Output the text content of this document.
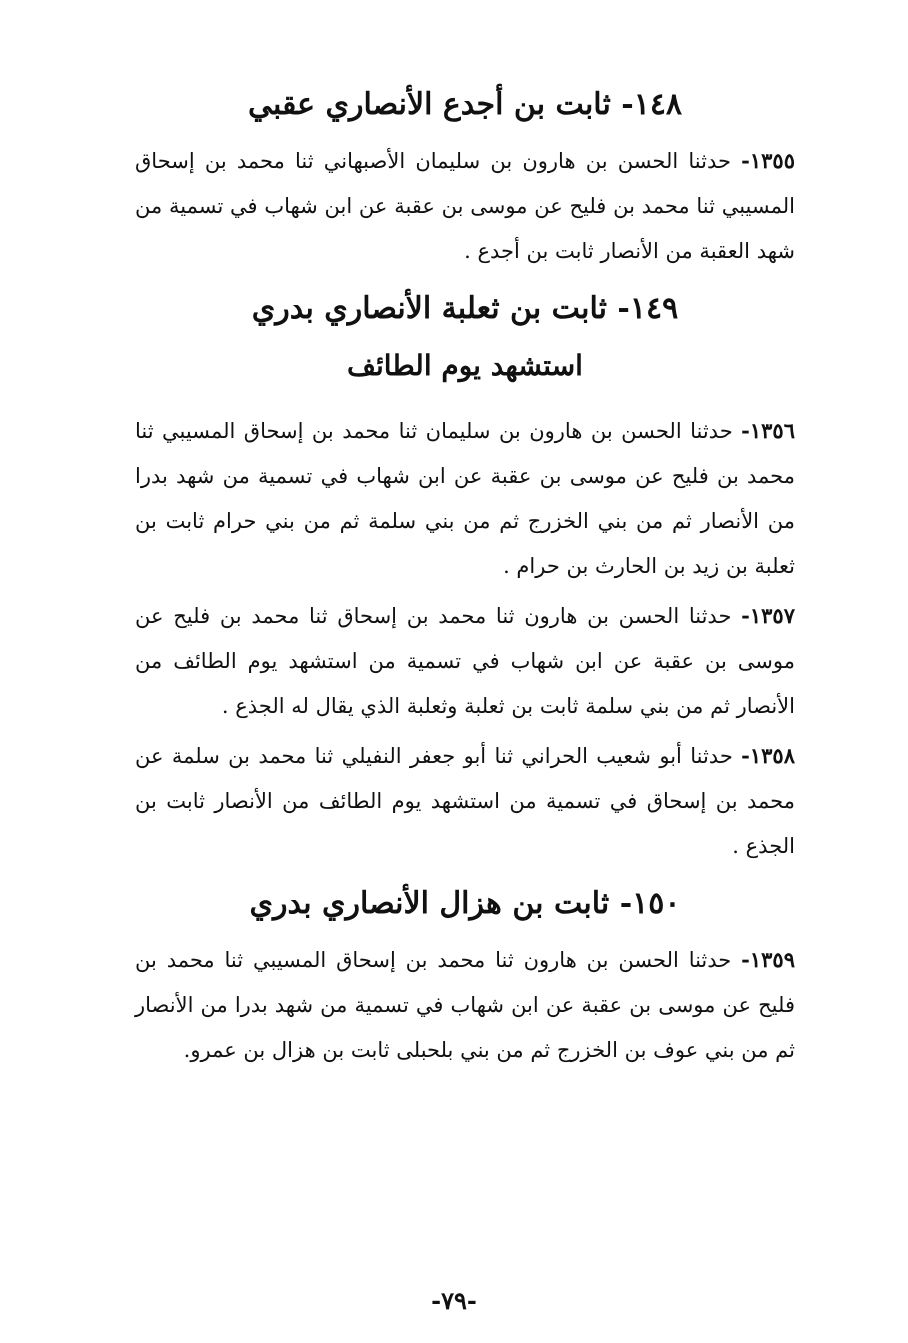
١٤٨- ثابت بن أجدع الأنصاري عقبي

١٣٥٥- حدثنا الحسن بن هارون بن سليمان الأصبهاني ثنا محمد بن إسحاق المسيبي ثنا محمد بن فليح عن موسى بن عقبة عن ابن شهاب في تسمية من شهد العقبة من الأنصار ثابت بن أجدع .

١٤٩- ثابت بن ثعلبة الأنصاري بدري
استشهد يوم الطائف

١٣٥٦- حدثنا الحسن بن هارون بن سليمان ثنا محمد بن إسحاق المسيبي ثنا محمد بن فليح عن موسى بن عقبة عن ابن شهاب في تسمية من شهد بدرا من الأنصار ثم من بني الخزرج ثم من بني سلمة ثم من بني حرام ثابت بن ثعلبة بن زيد بن الحارث بن حرام .

١٣٥٧- حدثنا الحسن بن هارون ثنا محمد بن إسحاق ثنا محمد بن فليح عن موسى بن عقبة عن ابن شهاب في تسمية من استشهد يوم الطائف من الأنصار ثم من بني سلمة ثابت بن ثعلبة وثعلبة الذي يقال له الجذع .

١٣٥٨- حدثنا أبو شعيب الحراني ثنا أبو جعفر النفيلي ثنا محمد بن سلمة عن محمد بن إسحاق في تسمية من استشهد يوم الطائف من الأنصار ثابت بن الجذع .

١٥٠- ثابت بن هزال الأنصاري بدري

١٣٥٩- حدثنا الحسن بن هارون ثنا محمد بن إسحاق المسيبي ثنا محمد بن فليح عن موسى بن عقبة عن ابن شهاب في تسمية من شهد بدرا من الأنصار ثم من بني عوف بن الخزرج ثم من بني بلحبلى ثابت بن هزال بن عمرو.

-٧٩-
